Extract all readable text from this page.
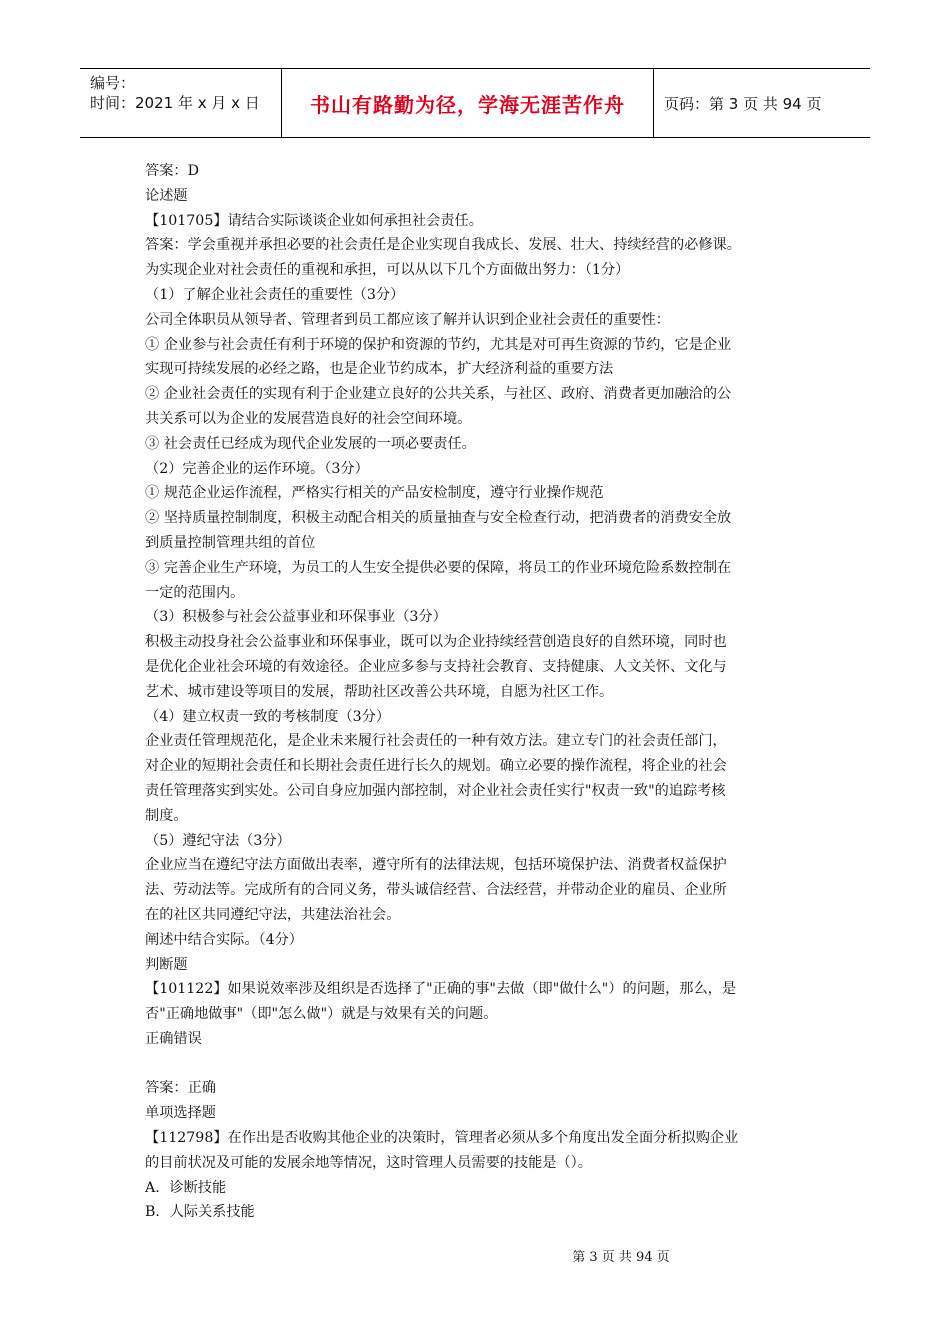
编号：
时间：2021 年 x 月 x 日	书山有路勤为径，学海无涯苦作舟	页码：第 3 页 共 94 页
答案：D
论述题
【101705】请结合实际谈谈企业如何承担社会责任。
答案：学会重视并承担必要的社会责任是企业实现自我成长、发展、壮大、持续经营的必修课。
为实现企业对社会责任的重视和承担，可以从以下几个方面做出努力：（1分）
（1）了解企业社会责任的重要性（3分）
公司全体职员从领导者、管理者到员工都应该了解并认识到企业社会责任的重要性：
① 企业参与社会责任有利于环境的保护和资源的节约，尤其是对可再生资源的节约，它是企业
实现可持续发展的必经之路，也是企业节约成本，扩大经济利益的重要方法
② 企业社会责任的实现有利于企业建立良好的公共关系，与社区、政府、消费者更加融洽的公
共关系可以为企业的发展营造良好的社会空间环境。
③ 社会责任已经成为现代企业发展的一项必要责任。
（2）完善企业的运作环境。（3分）
① 规范企业运作流程，严格实行相关的产品安检制度，遵守行业操作规范
② 坚持质量控制制度，积极主动配合相关的质量抽查与安全检查行动，把消费者的消费安全放
到质量控制管理共组的首位
③ 完善企业生产环境，为员工的人生安全提供必要的保障，将员工的作业环境危险系数控制在
一定的范围内。
（3）积极参与社会公益事业和环保事业（3分）
积极主动投身社会公益事业和环保事业，既可以为企业持续经营创造良好的自然环境，同时也
是优化企业社会环境的有效途径。企业应多参与支持社会教育、支持健康、人文关怀、文化与
艺术、城市建设等项目的发展，帮助社区改善公共环境，自愿为社区工作。
（4）建立权责一致的考核制度（3分）
企业责任管理规范化，是企业未来履行社会责任的一种有效方法。建立专门的社会责任部门，
对企业的短期社会责任和长期社会责任进行长久的规划。确立必要的操作流程，将企业的社会
责任管理落实到实处。公司自身应加强内部控制，对企业社会责任实行"权责一致"的追踪考核
制度。
（5）遵纪守法（3分）
企业应当在遵纪守法方面做出表率，遵守所有的法律法规，包括环境保护法、消费者权益保护
法、劳动法等。完成所有的合同义务，带头诚信经营、合法经营，并带动企业的雇员、企业所
在的社区共同遵纪守法，共建法治社会。
阐述中结合实际。（4分）
判断题
【101122】如果说效率涉及组织是否选择了"正确的事"去做（即"做什么"）的问题，那么，是
否"正确地做事"（即"怎么做"）就是与效果有关的问题。
正确错误
答案：正确
单项选择题
【112798】在作出是否收购其他企业的决策时，管理者必须从多个角度出发全面分析拟购企业
的目前状况及可能的发展余地等情况，这时管理人员需要的技能是（）。
A．诊断技能
B．人际关系技能
第 3 页 共 94 页
